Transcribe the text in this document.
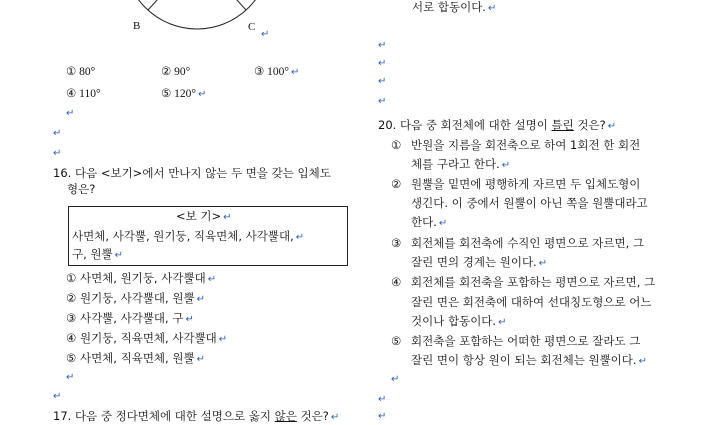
B	C
↵
① 80°	② 90°	③ 100° ↵
④ 110°	⑤ 120° ↵
↵
↵
↵
16. 다음 <보기>에서 만나지 않는 두 면을 갖는 입체도
형은?
<보 기> ↵
사면체, 사각뿔, 원기둥, 직육면체, 사각뿔대, ↵
구, 원뿔 ↵
① 사면체, 원기둥, 사각뿔대 ↵
② 원기둥, 사각뿔대, 원뿔 ↵
③ 사각뿔, 사각뿔대, 구 ↵
④ 원기둥, 직육면체, 사각뿔대 ↵
⑤ 사면체, 직육면체, 원뿔 ↵
↵
↵
17. 다음 중 정다면체에 대한 설명으로 옳지 않은 것은? ↵
서로 합동이다. ↵
↵
↵
↵
↵
20. 다음 중 회전체에 대한 설명이 틀린 것은? ↵
① 반원을 지름을 회전축으로 하여 1회전 한 회전
체를 구라고 한다. ↵
② 원뿔을 밑면에 평행하게 자르면 두 입체도형이
생긴다. 이 중에서 원뿔이 아닌 쪽을 원뿔대라고
한다. ↵
③ 회전체를 회전축에 수직인 평면으로 자르면, 그
잘린 면의 경계는 원이다. ↵
④ 회전체를 회전축을 포함하는 평면으로 자르면, 그
잘린 면은 회전축에 대하여 선대칭도형으로 어느
것이나 합동이다. ↵
⑤ 회전축을 포함하는 어떠한 평면으로 잘라도 그
잘린 면이 항상 원이 되는 회전체는 원뿔이다. ↵
↵
↵
↵
